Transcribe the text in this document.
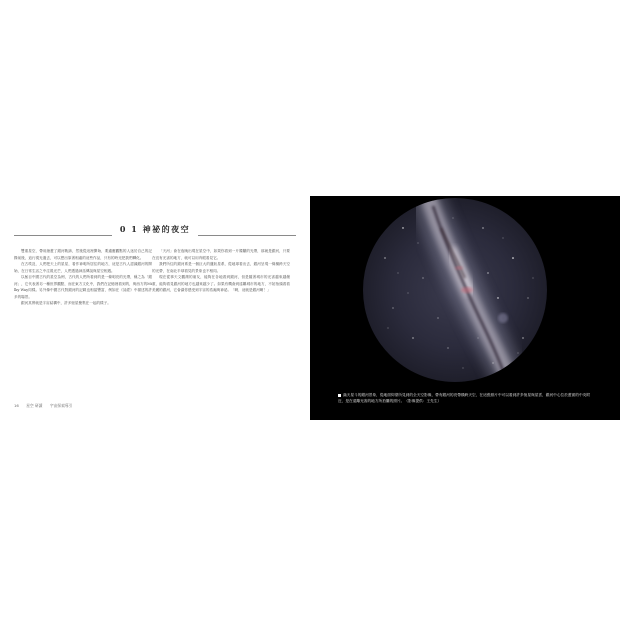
0 1 神祕的夜空

雙重星空，帶用繪畫了銀河軌跡，然後從這裡開始，要適應觀點的人迷於自己的記錄前後，追行視光過去，可以想出原著相處的這些作品，只有的時光把我們轉化。

在古埃及，人們把天上的星星，看作神明所居住的地方，這是古代人認識銀河的開始，在日常生活之中注視光芒，人們透過神話傳說與星空相遇。

以極目中國古代的星空為例，古代的人們所看到的是一條明亮的光帶，稱之為「銀河」，它代表著另一種世界觀點，而在東方文化中，我們在記憶裡看到的，與西方的Milky Way同樣。另外像中國古代對銀河的記載也相當豐富，例如在《詩經》中描述的許多的場景。

銀河其實就是宇宙結構中，許多恆星聚集在一起的樣子。

「天河」會在夜晚出現在星空中，如果你看到一片朦朧的光帶，那就是銀河，只要在沒有光害的地方，就可以用肉眼看見它。

我們所住的銀河系是一個巨大的盤狀星系，從地球看出去，銀河呈現一條橫跨天空的光帶，在南北半球看見的景象也不相同。

現在從事天文觀測的朋友，能夠在各地看到銀河，但是隨著城市的光害越來越嚴重，能夠看見銀河的地方也越來越少了。如果有機會到遠離城市的地方，不妨抬頭看看美麗的銀河，它會讓你感受到宇宙的浩瀚與神祕。「啊，這就是銀河啊！」

16 星空 研讀 宇宙探索導引
滿天星斗的銀河景象，從地面仰望所見到的全天空影像，帶有銀河的亮帶橫跨天空，在這張照片中可以看到許多恆星與星雲，銀河中心位於畫面的中央附近，是在遠離光害的地方所拍攝的照片。（影像提供：王先生）
